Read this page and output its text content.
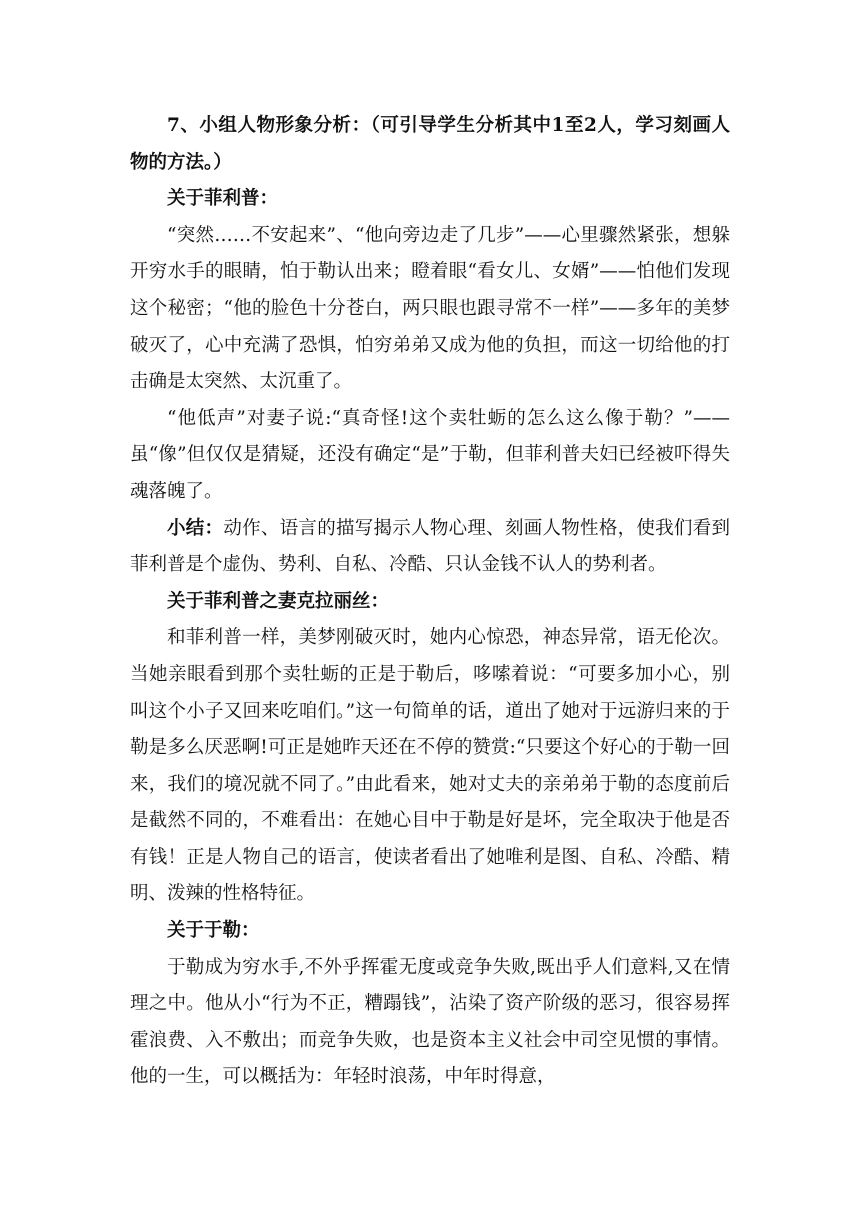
7、小组人物形象分析：（可引导学生分析其中1至2人，学习刻画人物的方法。）

关于菲利普：

“突然……不安起来”、“他向旁边走了几步”——心里骤然紧张，想躲开穷水手的眼睛，怕于勒认出来；瞪着眼“看女儿、女婿”——怕他们发现这个秘密；“他的脸色十分苍白，两只眼也跟寻常不一样”——多年的美梦破灭了，心中充满了恐惧，怕穷弟弟又成为他的负担，而这一切给他的打击确是太突然、太沉重了。

“他低声”对妻子说:“真奇怪!这个卖牡蛎的怎么这么像于勒？”——虽“像”但仅仅是猜疑，还没有确定“是”于勒，但菲利普夫妇已经被吓得失魂落魄了。

小结：动作、语言的描写揭示人物心理、刻画人物性格，使我们看到菲利普是个虚伪、势利、自私、冷酷、只认金钱不认人的势利者。

关于菲利普之妻克拉丽丝：

和菲利普一样，美梦刚破灭时，她内心惊恐，神态异常，语无伦次。当她亲眼看到那个卖牡蛎的正是于勒后，哆嗦着说：“可要多加小心，别叫这个小子又回来吃咱们。”这一句简单的话，道出了她对于远游归来的于勒是多么厌恶啊!可正是她昨天还在不停的赞赏:“只要这个好心的于勒一回来，我们的境况就不同了。”由此看来，她对丈夫的亲弟弟于勒的态度前后是截然不同的，不难看出：在她心目中于勒是好是坏，完全取决于他是否有钱！正是人物自己的语言，使读者看出了她唯利是图、自私、冷酷、精明、泼辣的性格特征。

关于于勒：

于勒成为穷水手,不外乎挥霍无度或竞争失败,既出乎人们意料,又在情理之中。他从小“行为不正，糟蹋钱”，沾染了资产阶级的恶习，很容易挥霍浪费、入不敷出；而竞争失败，也是资本主义社会中司空见惯的事情。他的一生，可以概括为：年轻时浪荡，中年时得意，
